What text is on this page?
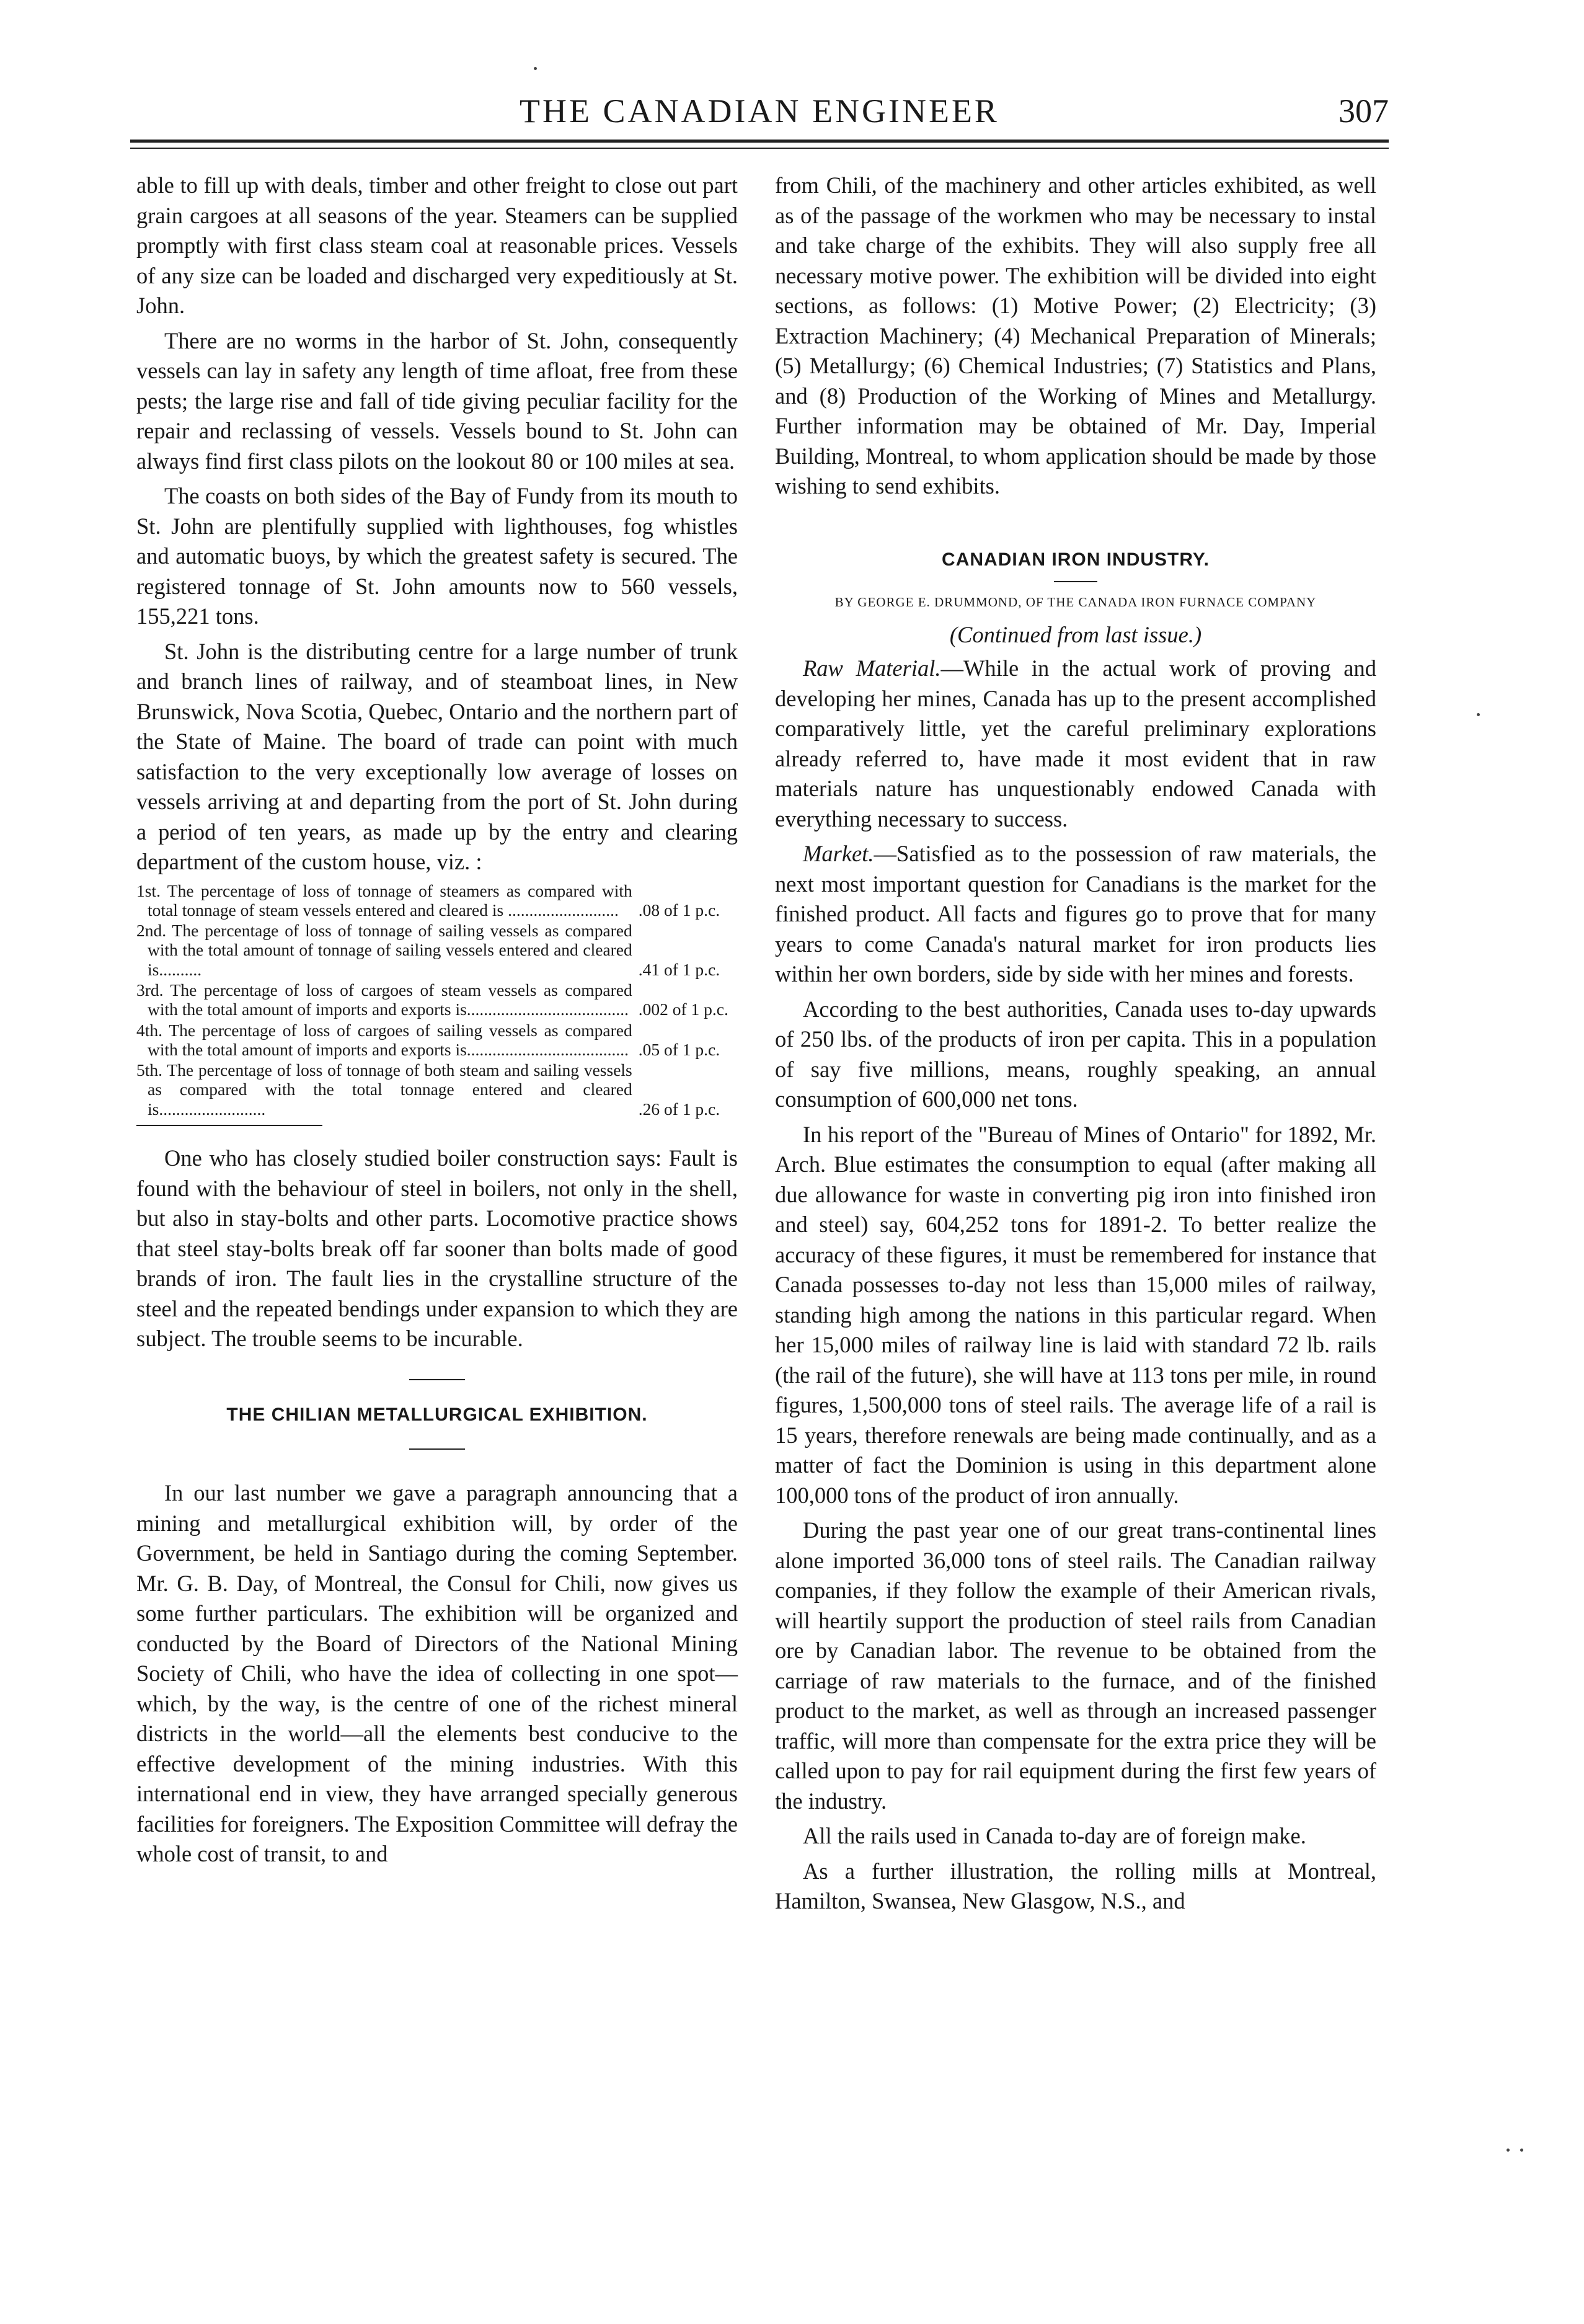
THE CANADIAN ENGINEER	307

able to fill up with deals, timber and other freight to close out part grain cargoes at all seasons of the year. Steamers can be supplied promptly with first class steam coal at reasonable prices. Vessels of any size can be loaded and discharged very expeditiously at St. John.

There are no worms in the harbor of St. John, consequently vessels can lay in safety any length of time afloat, free from these pests; the large rise and fall of tide giving peculiar facility for the repair and reclassing of vessels. Vessels bound to St. John can always find first class pilots on the lookout 80 or 100 miles at sea.

The coasts on both sides of the Bay of Fundy from its mouth to St. John are plentifully supplied with lighthouses, fog whistles and automatic buoys, by which the greatest safety is secured. The registered tonnage of St. John amounts now to 560 vessels, 155,221 tons.

St. John is the distributing centre for a large number of trunk and branch lines of railway, and of steamboat lines, in New Brunswick, Nova Scotia, Quebec, Ontario and the northern part of the State of Maine. The board of trade can point with much satisfaction to the very exceptionally low average of losses on vessels arriving at and departing from the port of St. John during a period of ten years, as made up by the entry and clearing department of the custom house, viz. :

1st. The percentage of loss of tonnage of steamers as compared with total tonnage of steam vessels entered and cleared is ..........................	.08 of 1 p.c.
2nd. The percentage of loss of tonnage of sailing vessels as compared with the total amount of tonnage of sailing vessels entered and cleared is..........	.41 of 1 p.c.
3rd. The percentage of loss of cargoes of steam vessels as compared with the total amount of imports and exports is...................................... .002 of 1 p.c.
4th. The percentage of loss of cargoes of sailing vessels as compared with the total amount of imports and exports is...................................... .05 of 1 p.c.
5th. The percentage of loss of tonnage of both steam and sailing vessels as compared with the total tonnage entered and cleared is.........................	.26 of 1 p.c.

One who has closely studied boiler construction says: Fault is found with the behaviour of steel in boilers, not only in the shell, but also in stay-bolts and other parts. Locomotive practice shows that steel stay-bolts break off far sooner than bolts made of good brands of iron. The fault lies in the crystalline structure of the steel and the repeated bendings under expansion to which they are subject. The trouble seems to be incurable.

THE CHILIAN METALLURGICAL EXHIBITION.

In our last number we gave a paragraph announcing that a mining and metallurgical exhibition will, by order of the Government, be held in Santiago during the coming September. Mr. G. B. Day, of Montreal, the Consul for Chili, now gives us some further particulars. The exhibition will be organized and conducted by the Board of Directors of the National Mining Society of Chili, who have the idea of collecting in one spot—which, by the way, is the centre of one of the richest mineral districts in the world—all the elements best conducive to the effective development of the mining industries. With this international end in view, they have arranged specially generous facilities for foreigners. The Exposition Committee will defray the whole cost of transit, to and

from Chili, of the machinery and other articles exhibited, as well as of the passage of the workmen who may be necessary to instal and take charge of the exhibits. They will also supply free all necessary motive power. The exhibition will be divided into eight sections, as follows: (1) Motive Power; (2) Electricity; (3) Extraction Machinery; (4) Mechanical Preparation of Minerals; (5) Metallurgy; (6) Chemical Industries; (7) Statistics and Plans, and (8) Production of the Working of Mines and Metallurgy. Further information may be obtained of Mr. Day, Imperial Building, Montreal, to whom application should be made by those wishing to send exhibits.

CANADIAN IRON INDUSTRY.
BY GEORGE E. DRUMMOND, OF THE CANADA IRON FURNACE COMPANY
(Continued from last issue.)

Raw Material.—While in the actual work of proving and developing her mines, Canada has up to the present accomplished comparatively little, yet the careful preliminary explorations already referred to, have made it most evident that in raw materials nature has unquestionably endowed Canada with everything necessary to success.

Market.—Satisfied as to the possession of raw materials, the next most important question for Canadians is the market for the finished product. All facts and figures go to prove that for many years to come Canada's natural market for iron products lies within her own borders, side by side with her mines and forests.

According to the best authorities, Canada uses to-day upwards of 250 lbs. of the products of iron per capita. This in a population of say five millions, means, roughly speaking, an annual consumption of 600,000 net tons.

In his report of the "Bureau of Mines of Ontario" for 1892, Mr. Arch. Blue estimates the consumption to equal (after making all due allowance for waste in converting pig iron into finished iron and steel) say, 604,252 tons for 1891-2. To better realize the accuracy of these figures, it must be remembered for instance that Canada possesses to-day not less than 15,000 miles of railway, standing high among the nations in this particular regard. When her 15,000 miles of railway line is laid with standard 72 lb. rails (the rail of the future), she will have at 113 tons per mile, in round figures, 1,500,000 tons of steel rails. The average life of a rail is 15 years, therefore renewals are being made continually, and as a matter of fact the Dominion is using in this department alone 100,000 tons of the product of iron annually.

During the past year one of our great trans-continental lines alone imported 36,000 tons of steel rails. The Canadian railway companies, if they follow the example of their American rivals, will heartily support the production of steel rails from Canadian ore by Canadian labor. The revenue to be obtained from the carriage of raw materials to the furnace, and of the finished product to the market, as well as through an increased passenger traffic, will more than compensate for the extra price they will be called upon to pay for rail equipment during the first few years of the industry.

All the rails used in Canada to-day are of foreign make.

As a further illustration, the rolling mills at Montreal, Hamilton, Swansea, New Glasgow, N.S., and
